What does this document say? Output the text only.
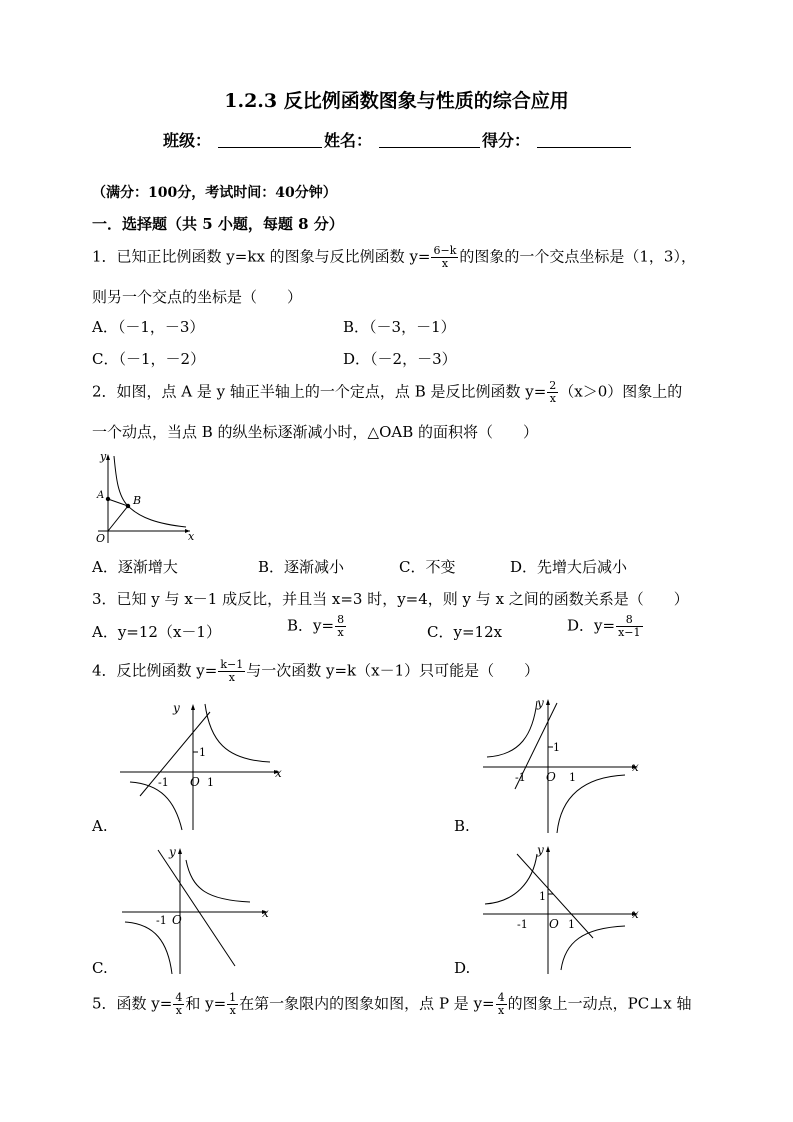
1.2.3 反比例函数图象与性质的综合应用
班级：	姓名：	得分：
（满分：100分，考试时间：40分钟）
一．选择题（共 5 小题，每题 8 分）
1．已知正比例函数 y=kx 的图象与反比例函数 $y= \frac{6-k}{x}$ 的图象的一个交点坐标是（1，3），
则另一个交点的坐标是（　　）
A．（－1，－3）	B．（－3，－1）
C．（－1，－2）	D．（－2，－3）
2．如图，点 A 是 y 轴正半轴上的一个定点，点 B 是反比例函数 $y= \frac{2}{x} (x>0)$图象上的
一个动点，当点 B 的纵坐标逐渐减小时，△OAB 的面积将（　　）
y
x
O
A	B
A．逐渐增大	B．逐渐减小	C．不变	D．先增大后减小
3．已知 y 与 x－1 成反比，并且当 x=3 时，y=4，则 y 与 x 之间的函数关系是（　　）
A．y=12（x－1）	B．$y= \frac{8}{x}$	C．y=12x	D．$y= \frac{8}{x-1}$
4．反比例函数 $y= \frac{k-1}{x}$ 与一次函数 y=k（x－1）只可能是（　　）
y
x
O
1
-1	1
A.
y
x
O
1
-1	1
B.
y
x
O
-1
C.
y
x
O
1
-1	1
D.
5．函数 $y= \frac{4}{x}$ 和 $y= \frac{1}{x}$ 在第一象限内的图象如图，点 P 是 $y= \frac{4}{x}$ 的图象上一动点，PC⊥x 轴
